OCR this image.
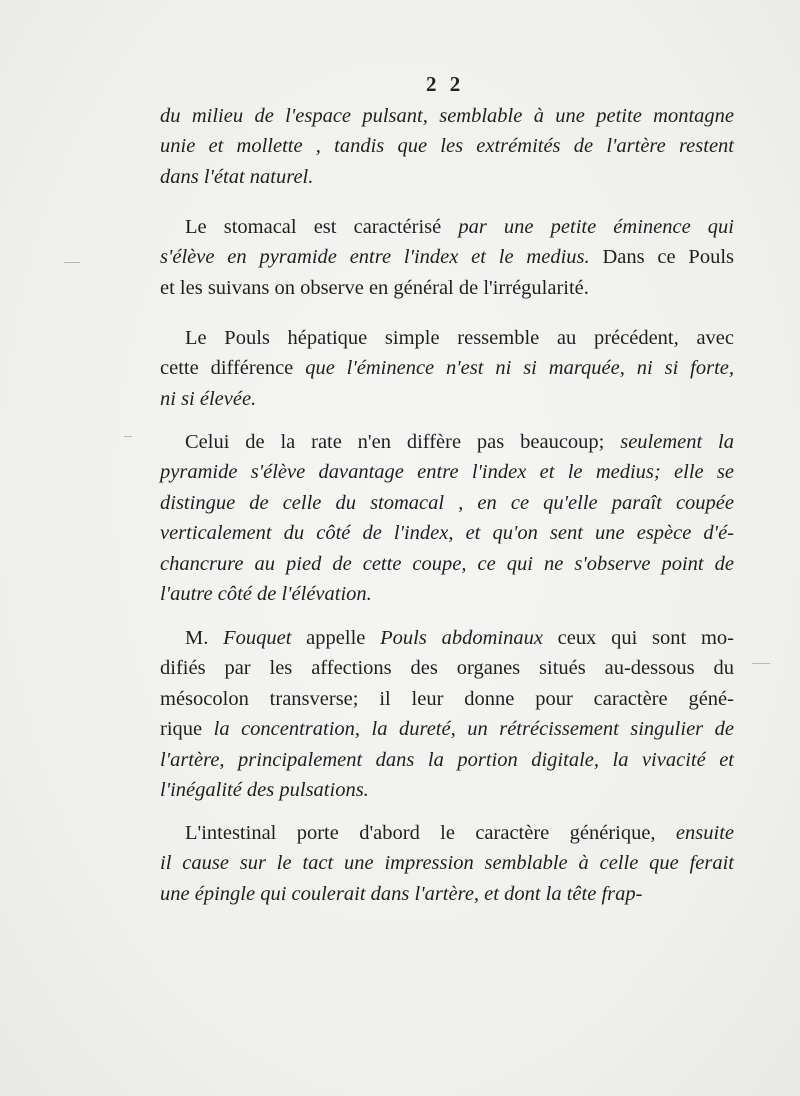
2 2
du milieu de l'espace pulsant, semblable à une petite montagne
unie et mollette , tandis que les extrémités de l'artère restent
dans l'état naturel.
Le stomacal est caractérisé par une petite éminence qui
s'élève en pyramide entre l'index et le medius. Dans ce Pouls
et les suivans on observe en général de l'irrégularité.
Le Pouls hépatique simple ressemble au précédent, avec
cette différence que l'éminence n'est ni si marquée, ni si forte,
ni si élevée.
Celui de la rate n'en diffère pas beaucoup; seulement la
pyramide s'élève davantage entre l'index et le medius; elle se
distingue de celle du stomacal , en ce qu'elle paraît coupée
verticalement du côté de l'index, et qu'on sent une espèce d'é-
chancrure au pied de cette coupe, ce qui ne s'observe point de
l'autre côté de l'élévation.
M. Fouquet appelle Pouls abdominaux ceux qui sont mo-
difiés par les affections des organes situés au-dessous du
mésocolon transverse; il leur donne pour caractère géné-
rique la concentration, la dureté, un rétrécissement singulier de
l'artère, principalement dans la portion digitale, la vivacité et
l'inégalité des pulsations.
L'intestinal porte d'abord le caractère générique, ensuite
il cause sur le tact une impression semblable à celle que ferait
une épingle qui coulerait dans l'artère, et dont la tête frap-
